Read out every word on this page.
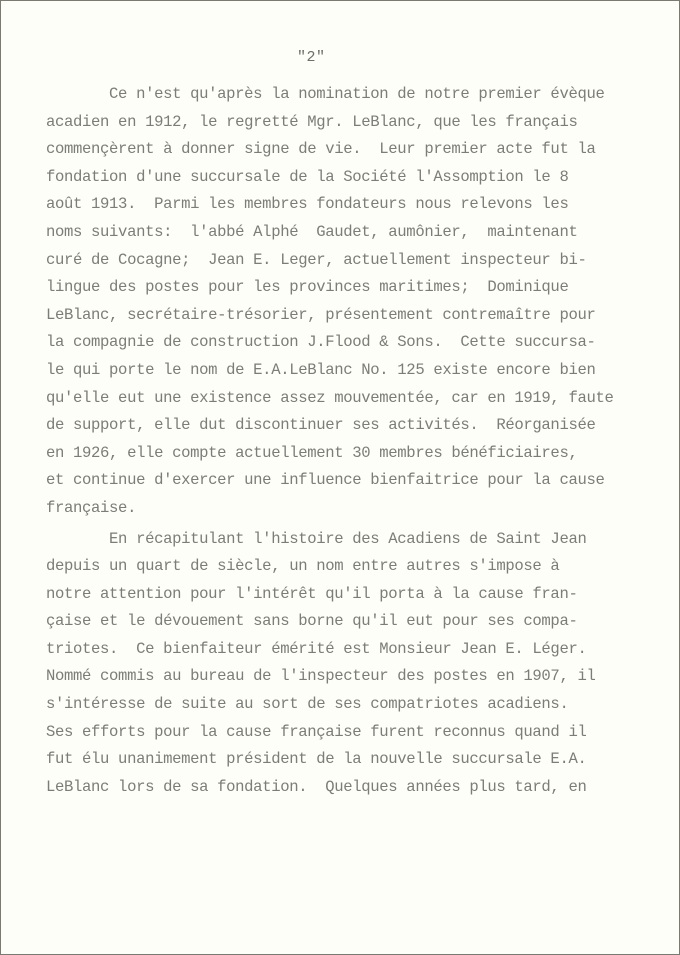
"2"
Ce n'est qu'après la nomination de notre premier évèque
acadien en 1912, le regretté Mgr. LeBlanc, que les français
commençèrent à donner signe de vie.  Leur premier acte fut la
fondation d'une succursale de la Société l'Assomption le 8
août 1913.  Parmi les membres fondateurs nous relevons les
noms suivants:  l'abbé Alphé  Gaudet, aumônier,  maintenant
curé de Cocagne;  Jean E. Leger, actuellement inspecteur bi-
lingue des postes pour les provinces maritimes;  Dominique
LeBlanc, secrétaire-trésorier, présentement contremaître pour
la compagnie de construction J.Flood & Sons.  Cette succursa-
le qui porte le nom de E.A.LeBlanc No. 125 existe encore bien
qu'elle eut une existence assez mouvementée, car en 1919, faute
de support, elle dut discontinuer ses activités.  Réorganisée
en 1926, elle compte actuellement 30 membres bénéficiaires,
et continue d'exercer une influence bienfaitrice pour la cause
française.
En récapitulant l'histoire des Acadiens de Saint Jean
depuis un quart de siècle, un nom entre autres s'impose à
notre attention pour l'intérêt qu'il porta à la cause fran-
çaise et le dévouement sans borne qu'il eut pour ses compa-
triotes.  Ce bienfaiteur émérité est Monsieur Jean E. Léger.
Nommé commis au bureau de l'inspecteur des postes en 1907, il
s'intéresse de suite au sort de ses compatriotes acadiens.
Ses efforts pour la cause française furent reconnus quand il
fut élu unanimement président de la nouvelle succursale E.A.
LeBlanc lors de sa fondation.  Quelques années plus tard, en
